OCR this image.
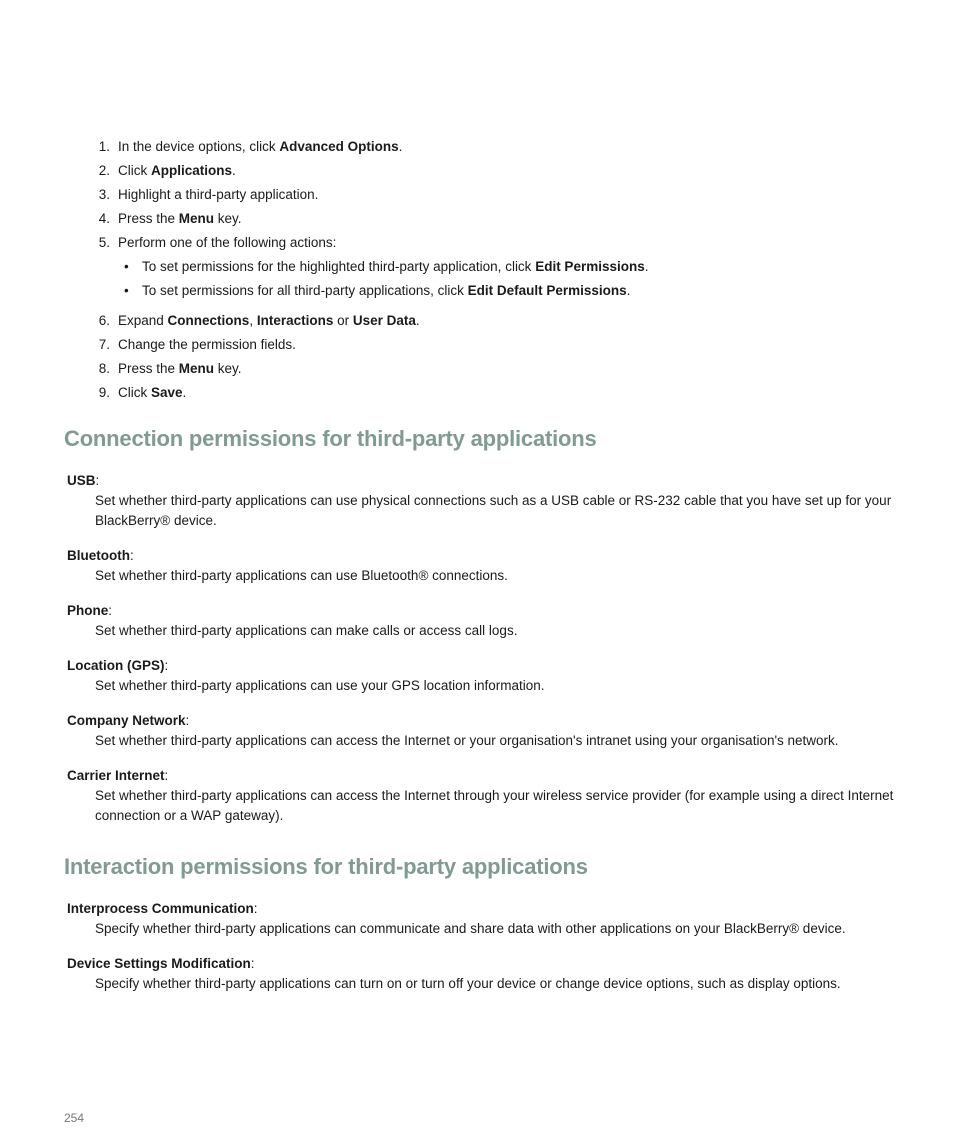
1. In the device options, click Advanced Options.
2. Click Applications.
3. Highlight a third-party application.
4. Press the Menu key.
5. Perform one of the following actions:
• To set permissions for the highlighted third-party application, click Edit Permissions.
• To set permissions for all third-party applications, click Edit Default Permissions.
6. Expand Connections, Interactions or User Data.
7. Change the permission fields.
8. Press the Menu key.
9. Click Save.
Connection permissions for third-party applications
USB:
Set whether third-party applications can use physical connections such as a USB cable or RS-232 cable that you have set up for your BlackBerry® device.
Bluetooth:
Set whether third-party applications can use Bluetooth® connections.
Phone:
Set whether third-party applications can make calls or access call logs.
Location (GPS):
Set whether third-party applications can use your GPS location information.
Company Network:
Set whether third-party applications can access the Internet or your organisation's intranet using your organisation's network.
Carrier Internet:
Set whether third-party applications can access the Internet through your wireless service provider (for example using a direct Internet connection or a WAP gateway).
Interaction permissions for third-party applications
Interprocess Communication:
Specify whether third-party applications can communicate and share data with other applications on your BlackBerry® device.
Device Settings Modification:
Specify whether third-party applications can turn on or turn off your device or change device options, such as display options.
254
